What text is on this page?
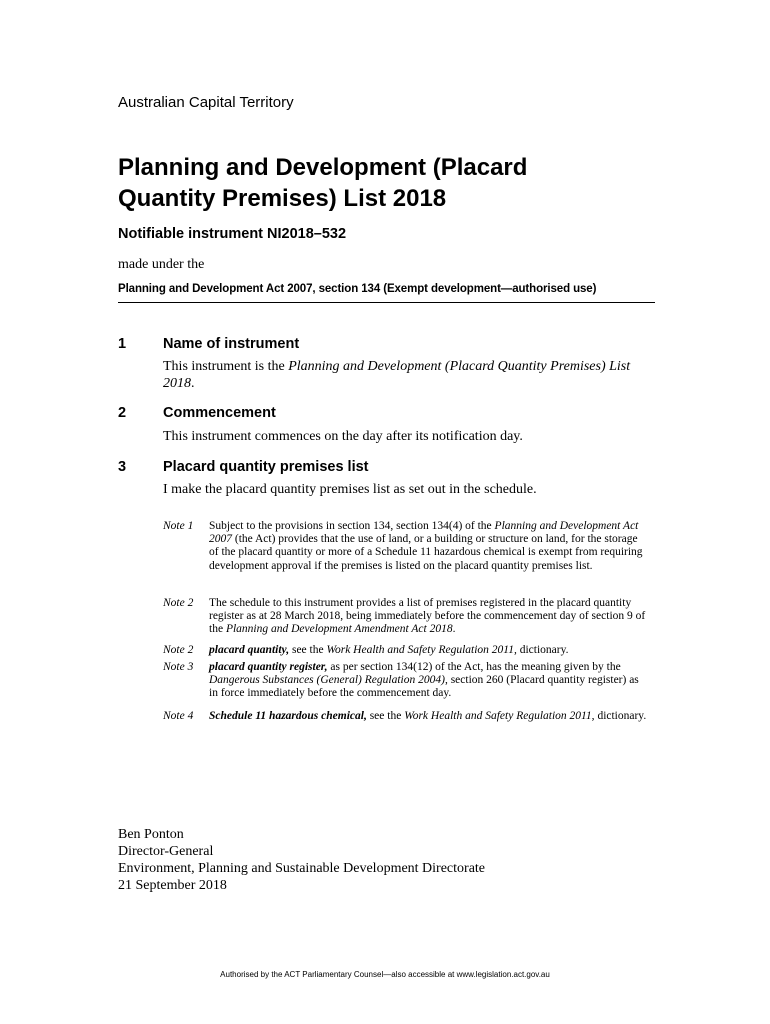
Australian Capital Territory
Planning and Development (Placard
Quantity Premises) List 2018
Notifiable instrument NI2018–532
made under the
Planning and Development Act 2007, section 134 (Exempt development—authorised use)
1	Name of instrument
This instrument is the Planning and Development (Placard Quantity Premises) List 2018.
2	Commencement
This instrument commences on the day after its notification day.
3	Placard quantity premises list
I make the placard quantity premises list as set out in the schedule.
Note 1 Subject to the provisions in section 134, section 134(4) of the Planning and Development Act 2007 (the Act) provides that the use of land, or a building or structure on land, for the storage of the placard quantity or more of a Schedule 11 hazardous chemical is exempt from requiring development approval if the premises is listed on the placard quantity premises list.
Note 2 The schedule to this instrument provides a list of premises registered in the placard quantity register as at 28 March 2018, being immediately before the commencement day of section 9 of the Planning and Development Amendment Act 2018.
Note 2 placard quantity, see the Work Health and Safety Regulation 2011, dictionary.
Note 3 placard quantity register, as per section 134(12) of the Act, has the meaning given by the Dangerous Substances (General) Regulation 2004), section 260 (Placard quantity register) as in force immediately before the commencement day.
Note 4 Schedule 11 hazardous chemical, see the Work Health and Safety Regulation 2011, dictionary.
Ben Ponton
Director-General
Environment, Planning and Sustainable Development Directorate
21 September 2018
Authorised by the ACT Parliamentary Counsel—also accessible at www.legislation.act.gov.au
